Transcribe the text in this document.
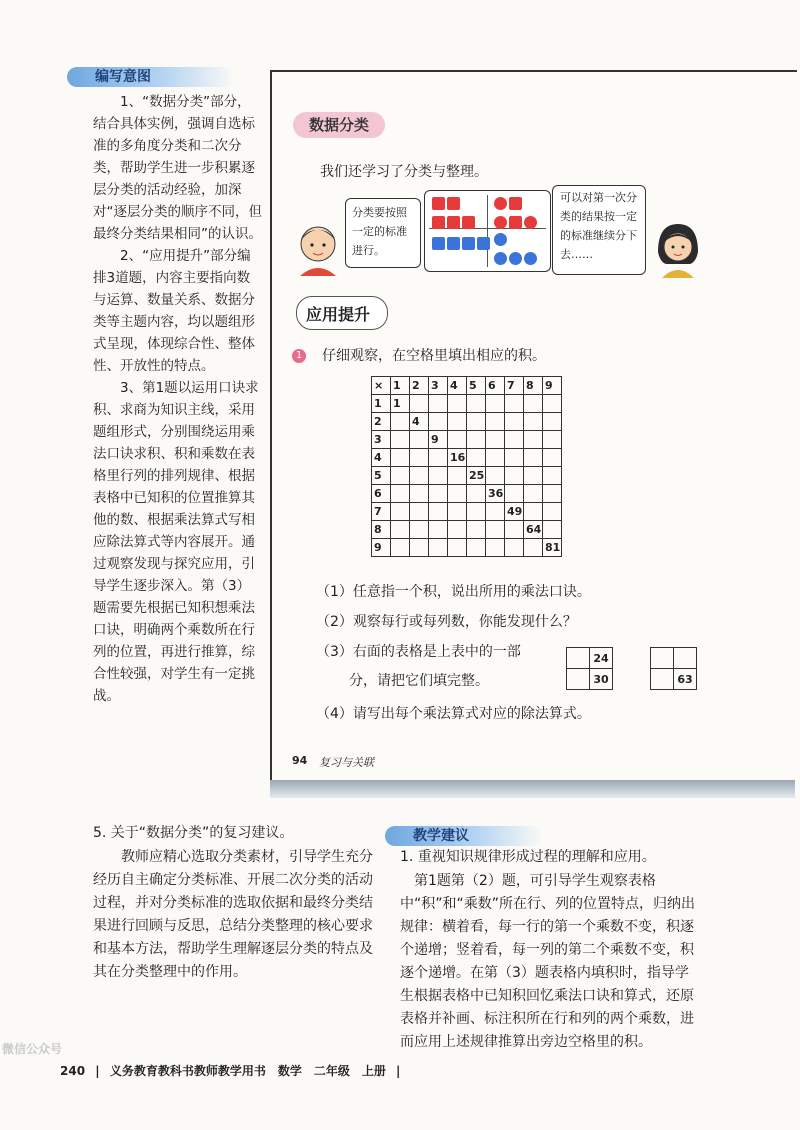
编写意图
1、“数据分类”部分，结合具体实例，强调自选标准的多角度分类和二次分类，帮助学生进一步积累逐层分类的活动经验，加深对“逐层分类的顺序不同，但最终分类结果相同”的认识。
2、“应用提升”部分编排3道题，内容主要指向数与运算、数量关系、数据分类等主题内容，均以题组形式呈现，体现综合性、整体性、开放性的特点。
3、第1题以运用口诀求积、求商为知识主线，采用题组形式，分别围绕运用乘法口诀求积、积和乘数在表格里行列的排列规律、根据表格中已知积的位置推算其他的数、根据乘法算式写相应除法算式等内容展开。通过观察发现与探究应用，引导学生逐步深入。第（3）题需要先根据已知积想乘法口诀，明确两个乘数所在行列的位置，再进行推算，综合性较强，对学生有一定挑战。
数据分类
我们还学习了分类与整理。
分类要按照一定的标准进行。

可以对第一次分类的结果按一定的标准继续分下去……
应用提升
1 仔细观察，在空格里填出相应的积。
×	1	2	3	4	5	6	7	8	9
1	1								
2		4							
3			9						
4				16					
5					25				
6						36			
7							49		
8								64	
9									81
（1）任意指一个积，说出所用的乘法口诀。
（2）观察每行或每列数，你能发现什么？
（3）右面的表格是上表中的一部
分，请把它们填完整。
	24
	30

		63
（4）请写出每个乘法算式对应的除法算式。
94 复习与关联
5. 关于“数据分类”的复习建议。
教师应精心选取分类素材，引导学生充分经历自主确定分类标准、开展二次分类的活动过程，并对分类标准的选取依据和最终分类结果进行回顾与反思，总结分类整理的核心要求和基本方法，帮助学生理解逐层分类的特点及其在分类整理中的作用。
教学建议
1. 重视知识规律形成过程的理解和应用。
第1题第（2）题，可引导学生观察表格中“积”和“乘数”所在行、列的位置特点，归纳出规律：横着看，每一行的第一个乘数不变，积逐个递增；竖着看，每一列的第二个乘数不变，积逐个递增。在第（3）题表格内填积时，指导学生根据表格中已知积回忆乘法口诀和算式，还原表格并补画、标注积所在行和列的两个乘数，进而应用上述规律推算出旁边空格里的积。
微信公众号
240 | 义务教育教科书教师教学用书　数学　二年级　上册 |
